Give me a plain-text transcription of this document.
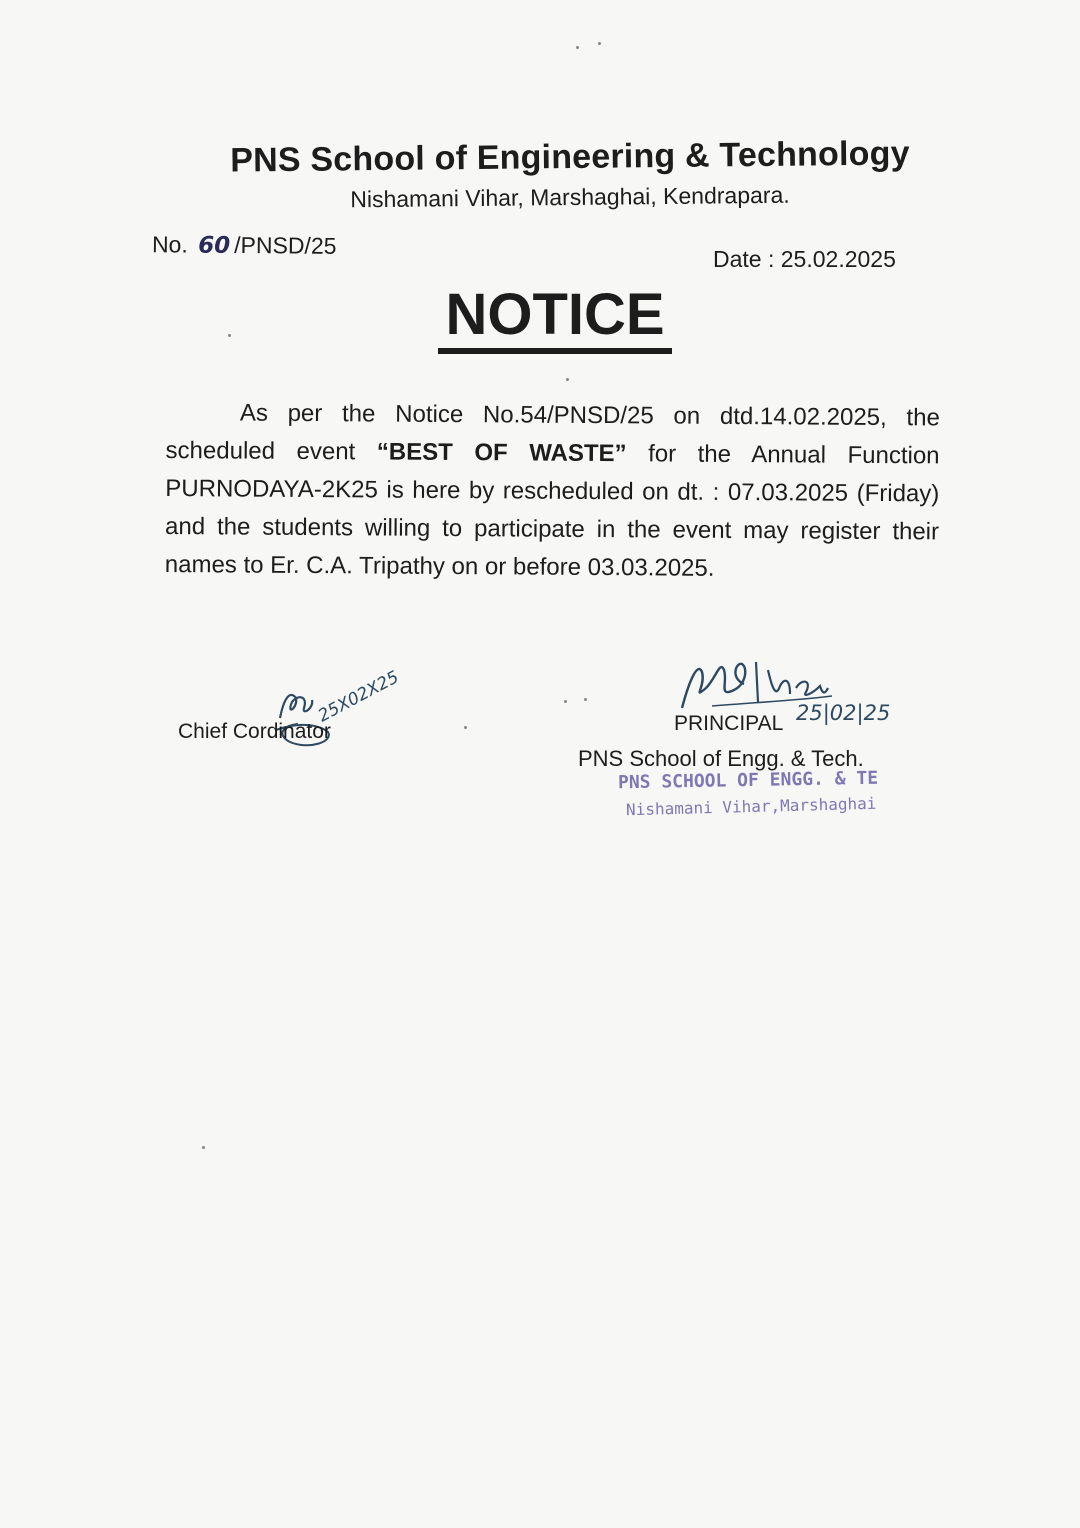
PNS School of Engineering & Technology
Nishamani Vihar, Marshaghai, Kendrapara.
No. 60 /PNSD/25
Date : 25.02.2025
NOTICE
As per the Notice No.54/PNSD/25 on dtd.14.02.2025, the scheduled event “BEST OF WASTE” for the Annual Function PURNODAYA-2K25 is here by rescheduled on dt. : 07.03.2025 (Friday) and the students willing to participate in the event may register their names to Er. C.A. Tripathy on or before 03.03.2025.
25X02X25
Chief Cordinator
25|02|25
PRINCIPAL
PNS School of Engg. & Tech.
PNS SCHOOL OF ENGG. & TE
Nishamani Vihar,Marshaghai
